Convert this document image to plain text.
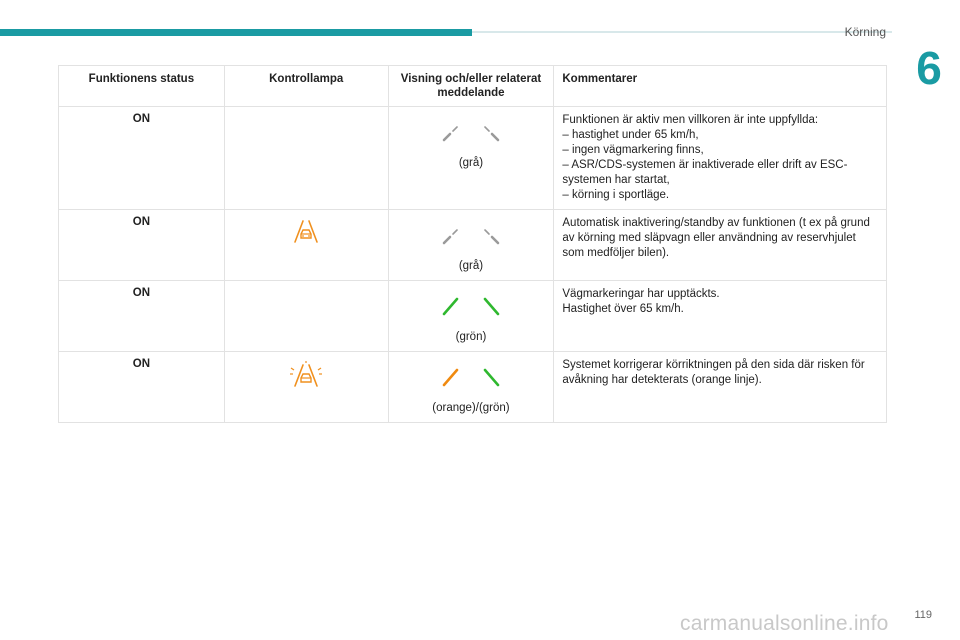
Körning
6
Funktionens status	Kontrollampa	Visning och/eller relaterat meddelande	Kommentarer
ON		(grå)	Funktionen är aktiv men villkoren är inte uppfyllda:
– hastighet under 65 km/h,
– ingen vägmarkering finns,
– ASR/CDS-systemen är inaktiverade eller drift av ESC-systemen har startat,
– körning i sportläge.

ON		(grå)	Automatisk inaktivering/standby av funktionen (t ex på grund av körning med släpvagn eller användning av reservhjulet som medföljer bilen).

ON		(grön)	Vägmarkeringar har upptäckts.
Hastighet över 65 km/h.

ON		(orange)/(grön)	Systemet korrigerar körriktningen på den sida där risken för avåkning har detekterats (orange linje).
carmanualsonline.info 119
